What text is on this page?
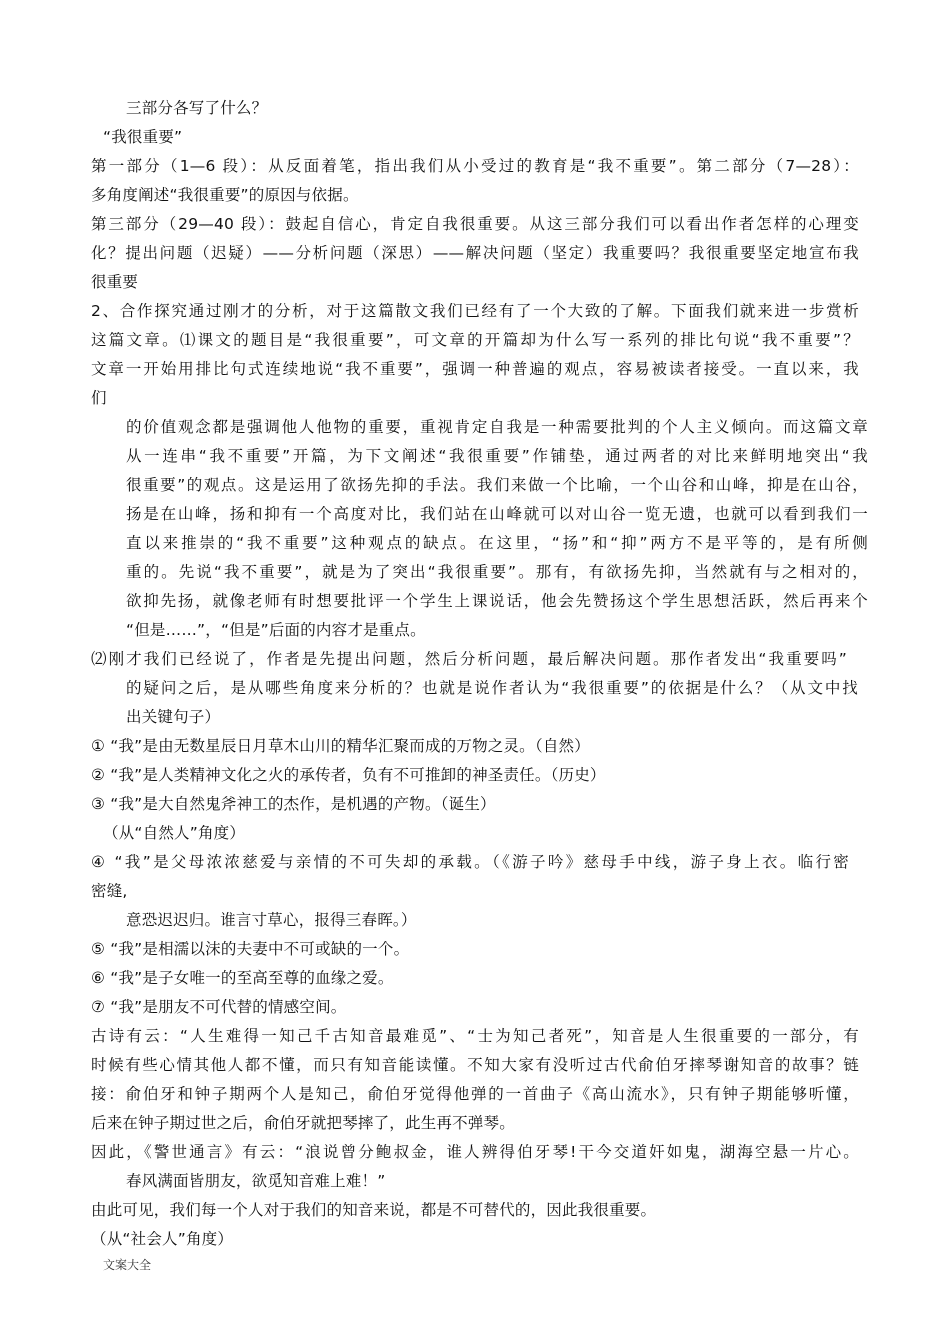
三部分各写了什么？
“我很重要”
第一部分（1—6 段）：从反面着笔，指出我们从小受过的教育是“我不重要”。第二部分（7—28）：
多角度阐述“我很重要”的原因与依据。
第三部分（29—40 段）：鼓起自信心，肯定自我很重要。从这三部分我们可以看出作者怎样的心理变
化？提出问题（迟疑）——分析问题（深思）——解决问题（坚定）我重要吗？我很重要坚定地宣布我
很重要
2、合作探究通过刚才的分析，对于这篇散文我们已经有了一个大致的了解。下面我们就来进一步赏析
这篇文章。⑴课文的题目是“我很重要”，可文章的开篇却为什么写一系列的排比句说“我不重要”？
文章一开始用排比句式连续地说“我不重要”，强调一种普遍的观点，容易被读者接受。一直以来，我
们
的价值观念都是强调他人他物的重要，重视肯定自我是一种需要批判的个人主义倾向。而这篇文章
从一连串“我不重要”开篇，为下文阐述“我很重要”作铺垫，通过两者的对比来鲜明地突出“我
很重要”的观点。这是运用了欲扬先抑的手法。我们来做一个比喻，一个山谷和山峰，抑是在山谷，
扬是在山峰，扬和抑有一个高度对比，我们站在山峰就可以对山谷一览无遗，也就可以看到我们一
直以来推崇的“我不重要”这种观点的缺点。在这里，“扬”和“抑”两方不是平等的，是有所侧
重的。先说“我不重要”，就是为了突出“我很重要”。那有，有欲扬先抑，当然就有与之相对的，
欲抑先扬，就像老师有时想要批评一个学生上课说话，他会先赞扬这个学生思想活跃，然后再来个
“但是……”，“但是”后面的内容才是重点。
⑵刚才我们已经说了，作者是先提出问题，然后分析问题，最后解决问题。那作者发出“我重要吗”
的疑问之后，是从哪些角度来分析的？也就是说作者认为“我很重要”的依据是什么？（从文中找
出关键句子）
① “我”是由无数星辰日月草木山川的精华汇聚而成的万物之灵。（自然）
② “我”是人类精神文化之火的承传者，负有不可推卸的神圣责任。（历史）
③ “我”是大自然鬼斧神工的杰作，是机遇的产物。（诞生）
（从“自然人”角度）
④ “我”是父母浓浓慈爱与亲情的不可失却的承载。（《游子吟》慈母手中线，游子身上衣。临行密
密缝,
意恐迟迟归。谁言寸草心，报得三春晖。）
⑤ “我”是相濡以沫的夫妻中不可或缺的一个。
⑥ “我”是子女唯一的至高至尊的血缘之爱。
⑦ “我”是朋友不可代替的情感空间。
古诗有云：“人生难得一知己千古知音最难觅”、“士为知己者死”，知音是人生很重要的一部分，有
时候有些心情其他人都不懂，而只有知音能读懂。不知大家有没听过古代俞伯牙摔琴谢知音的故事？链
接：俞伯牙和钟子期两个人是知己，俞伯牙觉得他弹的一首曲子《高山流水》，只有钟子期能够听懂，
后来在钟子期过世之后，俞伯牙就把琴摔了，此生再不弹琴。
因此，《警世通言》有云：“浪说曾分鲍叔金，谁人辨得伯牙琴!干今交道奸如鬼，湖海空悬一片心。
春风满面皆朋友，欲觅知音难上难！”
由此可见，我们每一个人对于我们的知音来说，都是不可替代的，因此我很重要。
（从“社会人”角度）
文案大全
